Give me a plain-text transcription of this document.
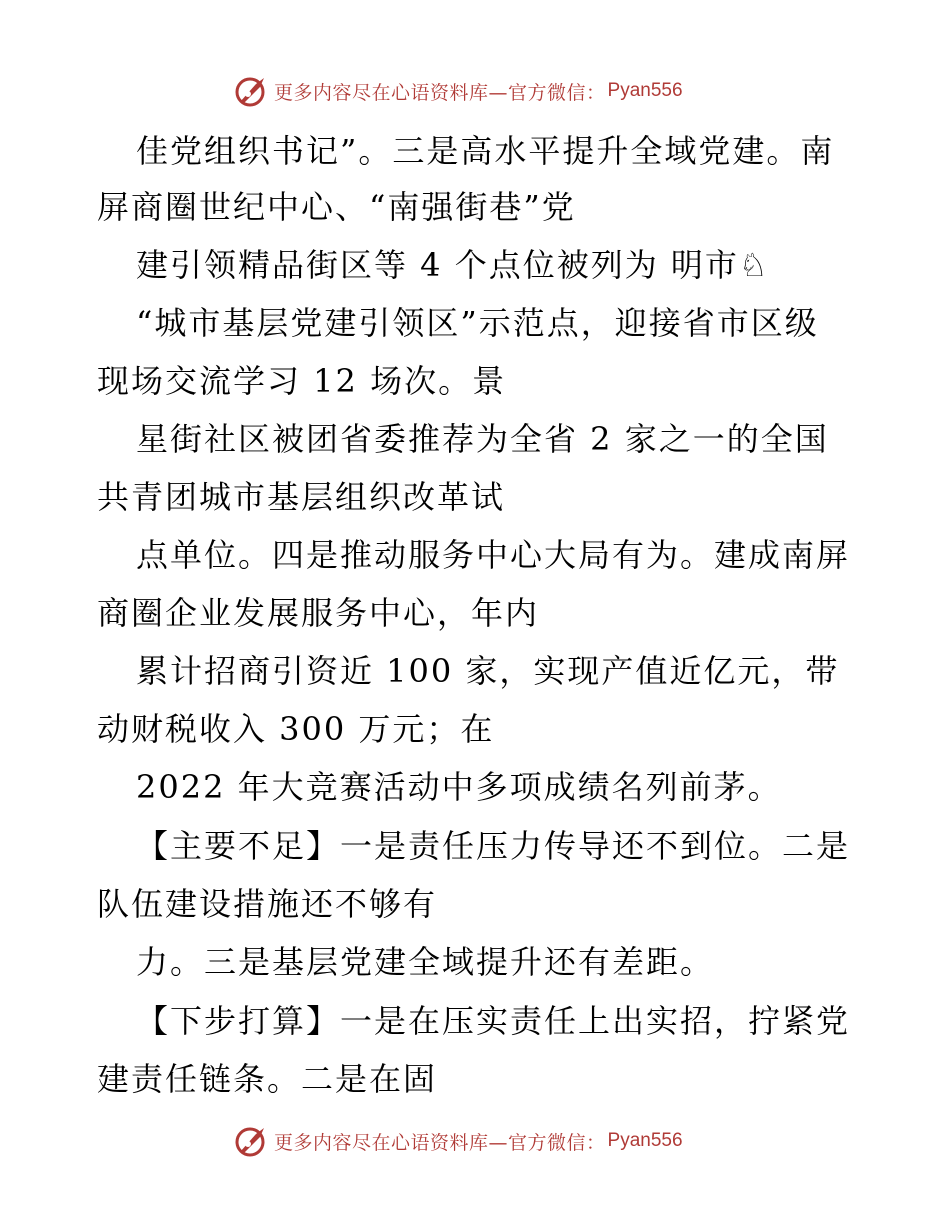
更多内容尽在心语资料库—官方微信： Pyan556
佳党组织书记”。三是高水平提升全域党建。南
屏商圈世纪中心、“南强街巷”党
建引领精品街区等 4 个点位被列为 明市♘
“城市基层党建引领区”示范点，迎接省市区级
现场交流学习 12 场次。景
星街社区被团省委推荐为全省 2 家之一的全国
共青团城市基层组织改革试
点单位。四是推动服务中心大局有为。建成南屏
商圈企业发展服务中心，年内
累计招商引资近 100 家，实现产值近亿元，带
动财税收入 300 万元；在
2022 年大竞赛活动中多项成绩名列前茅。
【主要不足】一是责任压力传导还不到位。二是
队伍建设措施还不够有
力。三是基层党建全域提升还有差距。
【下步打算】一是在压实责任上出实招，拧紧党
建责任链条。二是在固
更多内容尽在心语资料库—官方微信： Pyan556
